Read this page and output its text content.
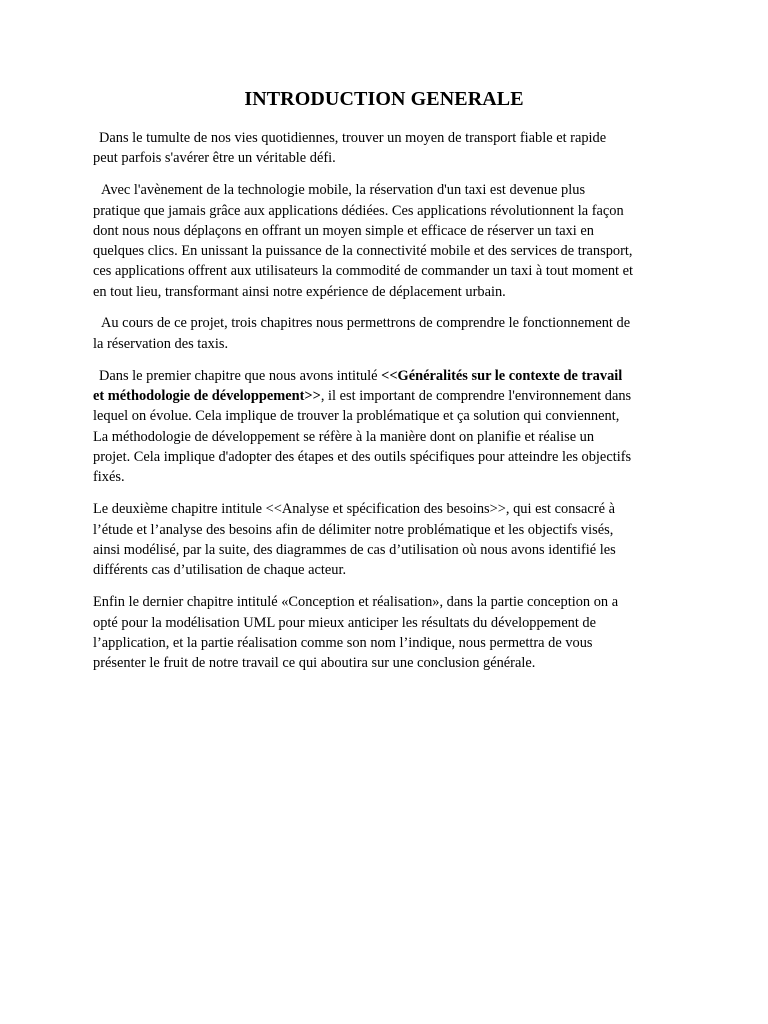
INTRODUCTION GENERALE
Dans le tumulte de nos vies quotidiennes, trouver un moyen de transport fiable et rapide
peut parfois s'avérer être un véritable défi.
Avec l'avènement de la technologie mobile, la réservation d'un taxi est devenue plus
pratique que jamais grâce aux applications dédiées. Ces applications révolutionnent la façon
dont nous nous déplaçons en offrant un moyen simple et efficace de réserver un taxi en
quelques clics. En unissant la puissance de la connectivité mobile et des services de transport,
ces applications offrent aux utilisateurs la commodité de commander un taxi à tout moment et
en tout lieu, transformant ainsi notre expérience de déplacement urbain.
Au cours de ce projet, trois chapitres nous permettrons de comprendre le fonctionnement de
la réservation des taxis.
Dans le premier chapitre que nous avons intitulé <<Généralités sur le contexte de travail
et méthodologie de développement>>, il est important de comprendre l'environnement dans
lequel on évolue. Cela implique de trouver la problématique et ça solution qui conviennent,
La méthodologie de développement se réfère à la manière dont on planifie et réalise un
projet. Cela implique d'adopter des étapes et des outils spécifiques pour atteindre les objectifs
fixés.
Le deuxième chapitre intitule <<Analyse et spécification des besoins>>, qui est consacré à
l’étude et l’analyse des besoins afin de délimiter notre problématique et les objectifs visés,
ainsi modélisé, par la suite, des diagrammes de cas d’utilisation où nous avons identifié les
différents cas d’utilisation de chaque acteur.
Enfin le dernier chapitre intitulé «Conception et réalisation», dans la partie conception on a
opté pour la modélisation UML pour mieux anticiper les résultats du développement de
l’application, et la partie réalisation comme son nom l’indique, nous permettra de vous
présenter le fruit de notre travail ce qui aboutira sur une conclusion générale.
